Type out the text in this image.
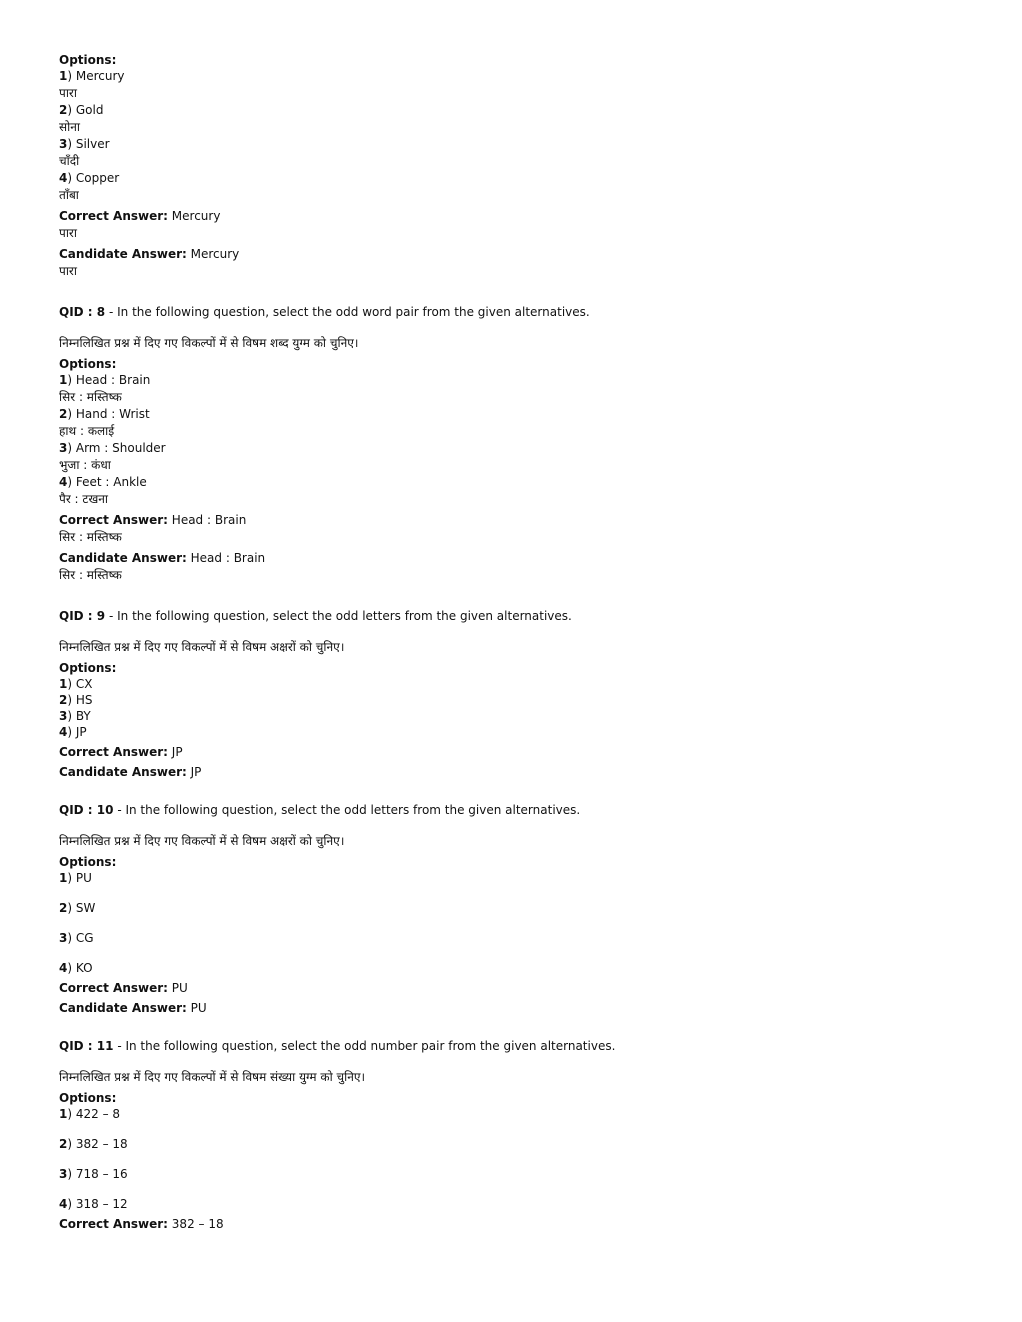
Options:
1) Mercury
पारा
2) Gold
सोना
3) Silver
चाँदी
4) Copper
ताँबा
Correct Answer: Mercury
पारा
Candidate Answer: Mercury
पारा
QID : 8 - In the following question, select the odd word pair from the given alternatives.
निम्नलिखित प्रश्न में दिए गए विकल्पों में से विषम शब्द युग्म को चुनिए।
Options:
1) Head : Brain
सिर : मस्तिष्क
2) Hand : Wrist
हाथ : कलाई
3) Arm : Shoulder
भुजा : कंधा
4) Feet : Ankle
पैर : टखना
Correct Answer: Head : Brain
सिर : मस्तिष्क
Candidate Answer: Head : Brain
सिर : मस्तिष्क
QID : 9 - In the following question, select the odd letters from the given alternatives.
निम्नलिखित प्रश्न में दिए गए विकल्पों में से विषम अक्षरों को चुनिए।
Options:
1) CX
2) HS
3) BY
4) JP
Correct Answer: JP
Candidate Answer: JP
QID : 10 - In the following question, select the odd letters from the given alternatives.
निम्नलिखित प्रश्न में दिए गए विकल्पों में से विषम अक्षरों को चुनिए।
Options:
1) PU
2) SW
3) CG
4) KO
Correct Answer: PU
Candidate Answer: PU
QID : 11 - In the following question, select the odd number pair from the given alternatives.
निम्नलिखित प्रश्न में दिए गए विकल्पों में से विषम संख्या युग्म को चुनिए।
Options:
1) 422 – 8
2) 382 – 18
3) 718 – 16
4) 318 – 12
Correct Answer: 382 – 18
